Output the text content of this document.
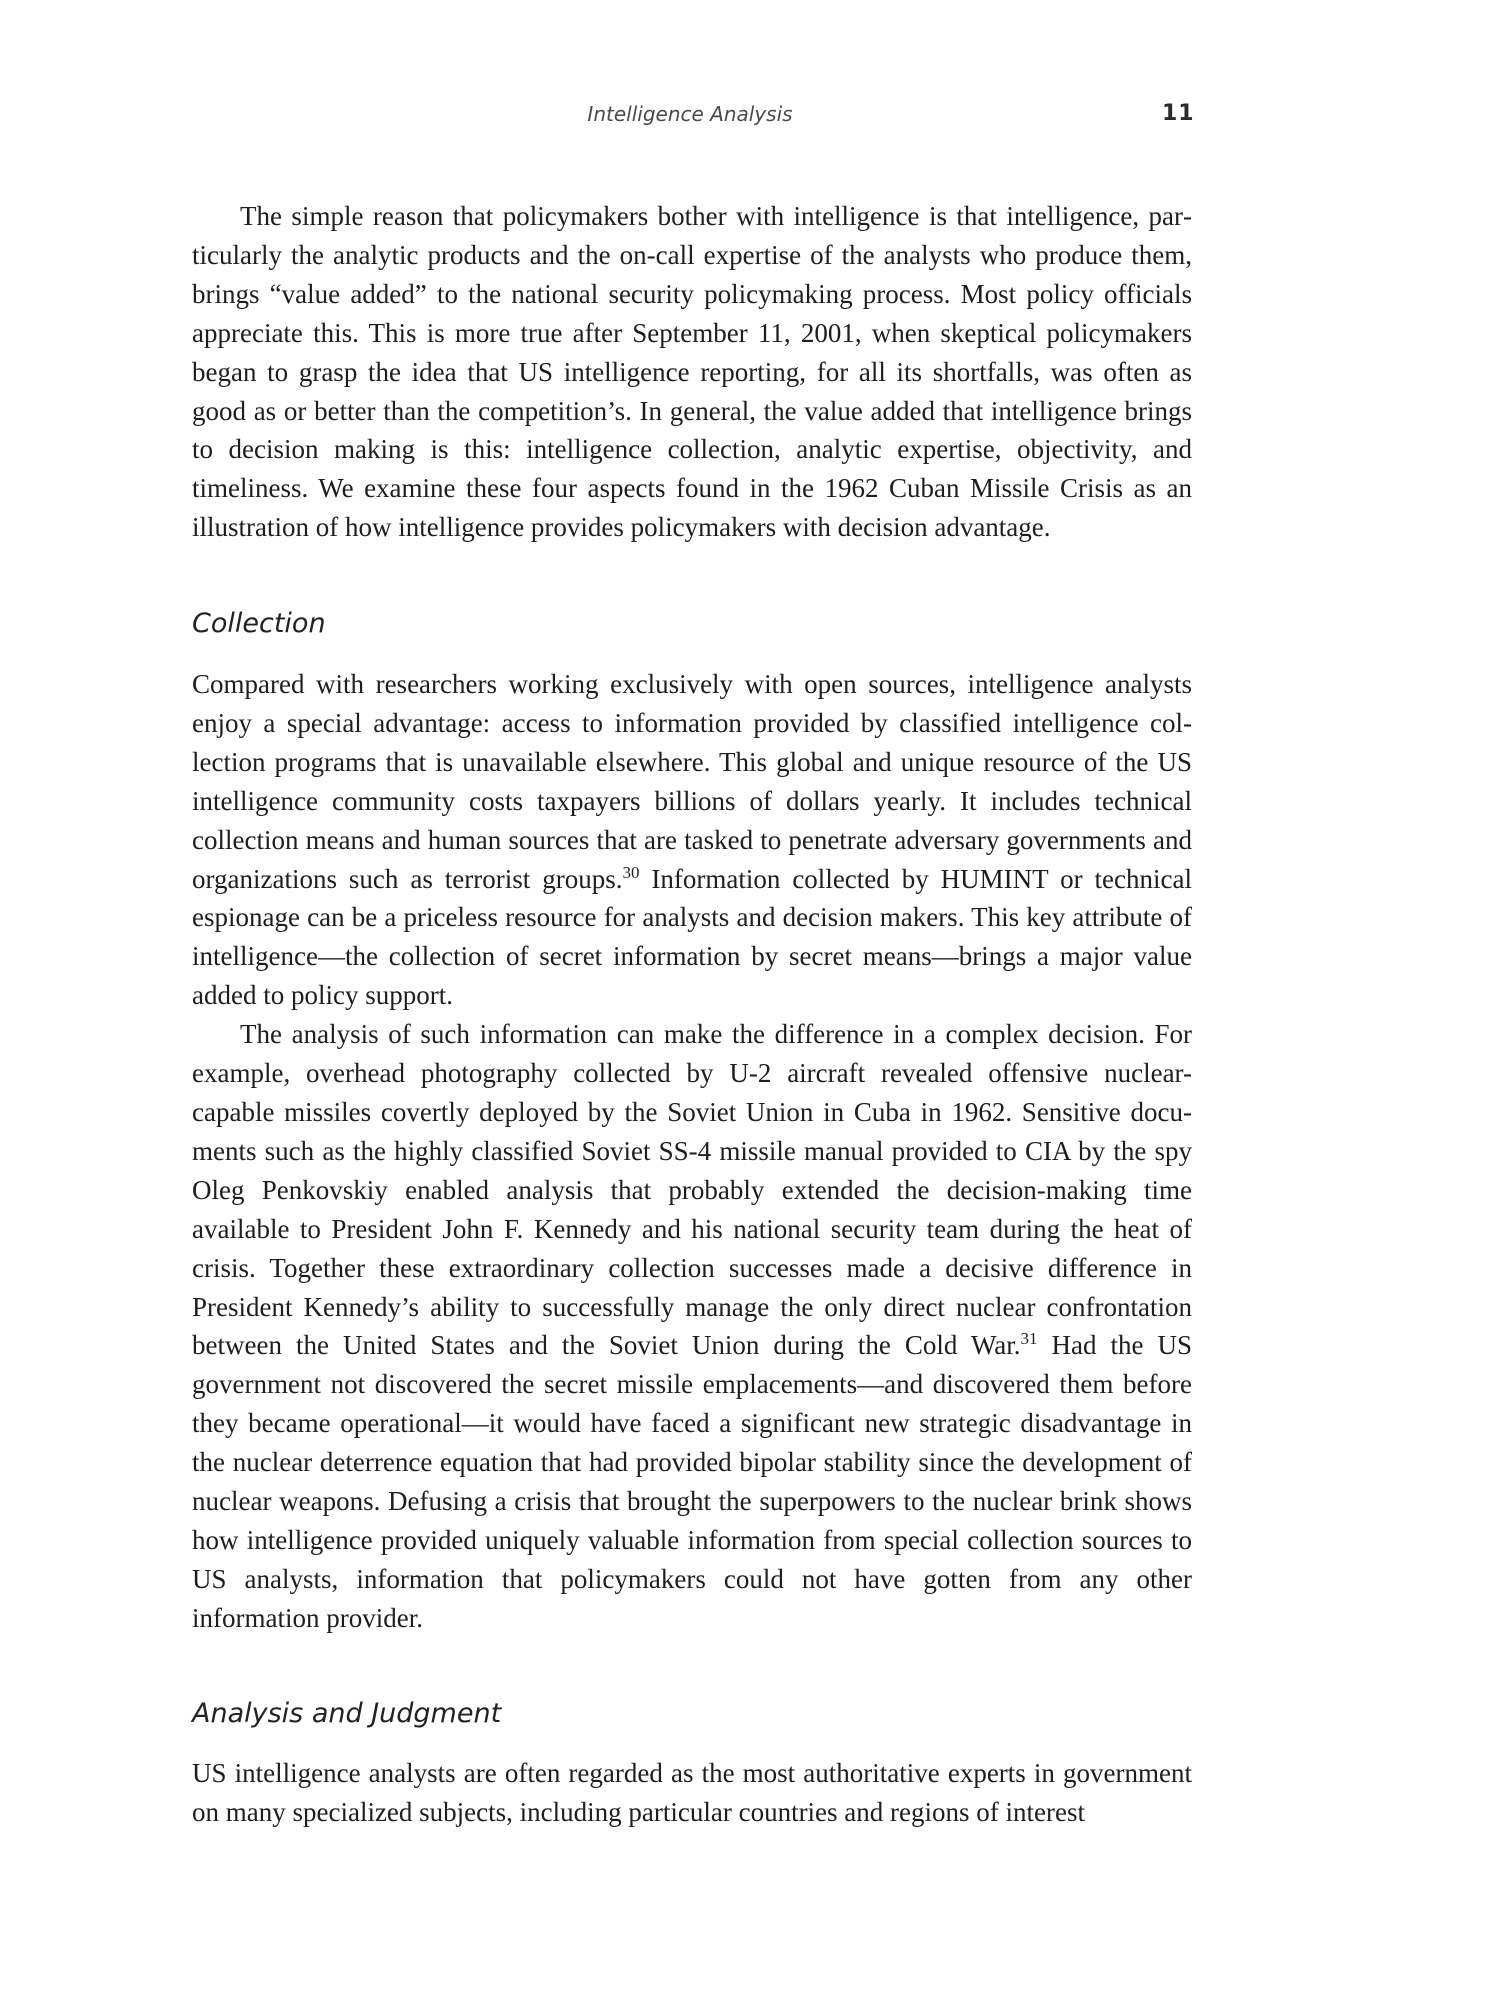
Intelligence Analysis	11

The simple reason that policymakers bother with intelligence is that intelligence, particularly the analytic products and the on-call expertise of the analysts who produce them, brings “value added” to the national security policymaking process. Most policy officials appreciate this. This is more true after September 11, 2001, when skeptical policymakers began to grasp the idea that US intelligence reporting, for all its shortfalls, was often as good as or better than the competition’s. In general, the value added that intelligence brings to decision making is this: intelligence collection, analytic expertise, objectivity, and timeliness. We examine these four aspects found in the 1962 Cuban Missile Crisis as an illustration of how intelligence provides policymakers with decision advantage.

Collection

Compared with researchers working exclusively with open sources, intelligence analysts enjoy a special advantage: access to information provided by classified intelligence collection programs that is unavailable elsewhere. This global and unique resource of the US intelligence community costs taxpayers billions of dollars yearly. It includes technical collection means and human sources that are tasked to penetrate adversary governments and organizations such as terrorist groups.$^{30}$ Information collected by HUMINT or technical espionage can be a priceless resource for analysts and decision makers. This key attribute of intelligence—the collection of secret information by secret means—brings a major value added to policy support.

The analysis of such information can make the difference in a complex decision. For example, overhead photography collected by U-2 aircraft revealed offensive nuclear-capable missiles covertly deployed by the Soviet Union in Cuba in 1962. Sensitive documents such as the highly classified Soviet SS-4 missile manual provided to CIA by the spy Oleg Penkovskiy enabled analysis that probably extended the decision-making time available to President John F. Kennedy and his national security team during the heat of crisis. Together these extraordinary collection successes made a decisive difference in President Kennedy’s ability to successfully manage the only direct nuclear confrontation between the United States and the Soviet Union during the Cold War.$^{31}$ Had the US government not discovered the secret missile emplacements—and discovered them before they became operational—it would have faced a significant new strategic disadvantage in the nuclear deterrence equation that had provided bipolar stability since the development of nuclear weapons. Defusing a crisis that brought the superpowers to the nuclear brink shows how intelligence provided uniquely valuable information from special collection sources to US analysts, information that policymakers could not have gotten from any other information provider.

Analysis and Judgment

US intelligence analysts are often regarded as the most authoritative experts in government on many specialized subjects, including particular countries and regions of interest
